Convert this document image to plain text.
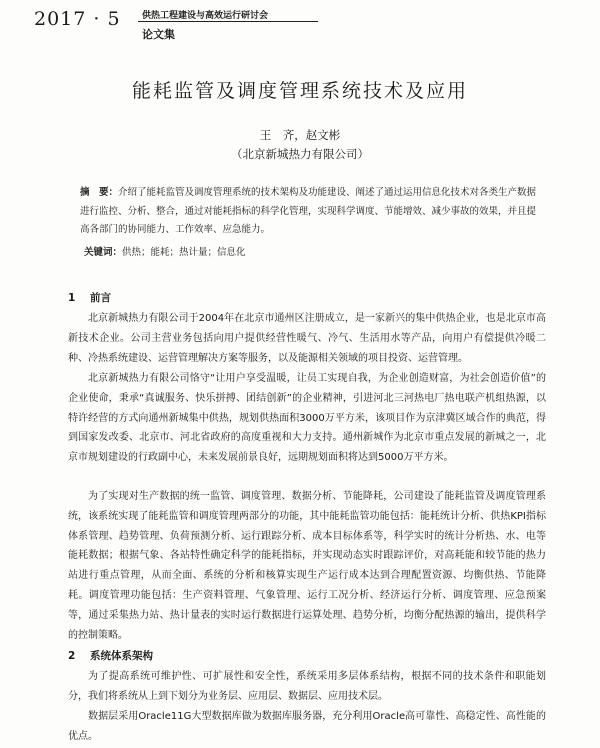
2017 · 5 供热工程建设与高效运行研讨会
论文集
能耗监管及调度管理系统技术及应用
王　齐，赵文彬
（北京新城热力有限公司）
摘　要：介绍了能耗监管及调度管理系统的技术架构及功能建设、阐述了通过运用信息化技术对各类生产数据进行监控、分析、整合，通过对能耗指标的科学化管理，实现科学调度、节能增效、减少事故的效果，并且提高各部门的协同能力、工作效率、应急能力。
关键词：供热；能耗；热计量；信息化
1 前言
北京新城热力有限公司于2004年在北京市通州区注册成立，是一家新兴的集中供热企业，也是北京市高新技术企业。公司主营业务包括向用户提供经营性暖气、冷气、生活用水等产品，向用户有偿提供冷暖二种、冷热系统建设、运营管理解决方案等服务，以及能源相关领域的项目投资、运营管理。
北京新城热力有限公司恪守“让用户享受温暖，让员工实现自我，为企业创造财富，为社会创造价值”的企业使命，秉承“真诚服务、快乐拼搏、团结创新”的企业精神，引进河北三河热电厂热电联产机组热源，以特许经营的方式向通州新城集中供热，规划供热面积3000万平方米，该项目作为京津冀区域合作的典范，得到国家发改委、北京市、河北省政府的高度重视和大力支持。通州新城作为北京市重点发展的新城之一，北京市规划建设的行政副中心，未来发展前景良好，远期规划面积将达到5000万平方米。
为了实现对生产数据的统一监管、调度管理、数据分析、节能降耗，公司建设了能耗监管及调度管理系统，该系统实现了能耗监管和调度管理两部分的功能，其中能耗监管功能包括：能耗统计分析、供热KPI指标体系管理、趋势管理、负荷预测分析、运行跟踪分析、成本目标体系等，科学实时的统计分析热、水、电等能耗数据；根据气象、各站特性确定科学的能耗指标，并实现动态实时跟踪评价，对高耗能和较节能的热力站进行重点管理，从而全面、系统的分析和核算实现生产运行成本达到合理配置资源、均衡供热、节能降耗。调度管理功能包括：生产资料管理、气象管理、运行工况分析、经济运行分析、调度管理、应急预案等，通过采集热力站、热计量表的实时运行数据进行运算处理、趋势分析，均衡分配热源的输出，提供科学的控制策略。
2 系统体系架构
为了提高系统可维护性、可扩展性和安全性，系统采用多层体系结构，根据不同的技术条件和职能划分，我们将系统从上到下划分为业务层、应用层、数据层、应用技术层。
数据层采用Oracle11G大型数据库做为数据库服务器，充分利用Oracle高可靠性、高稳定性、高性能的优点。
